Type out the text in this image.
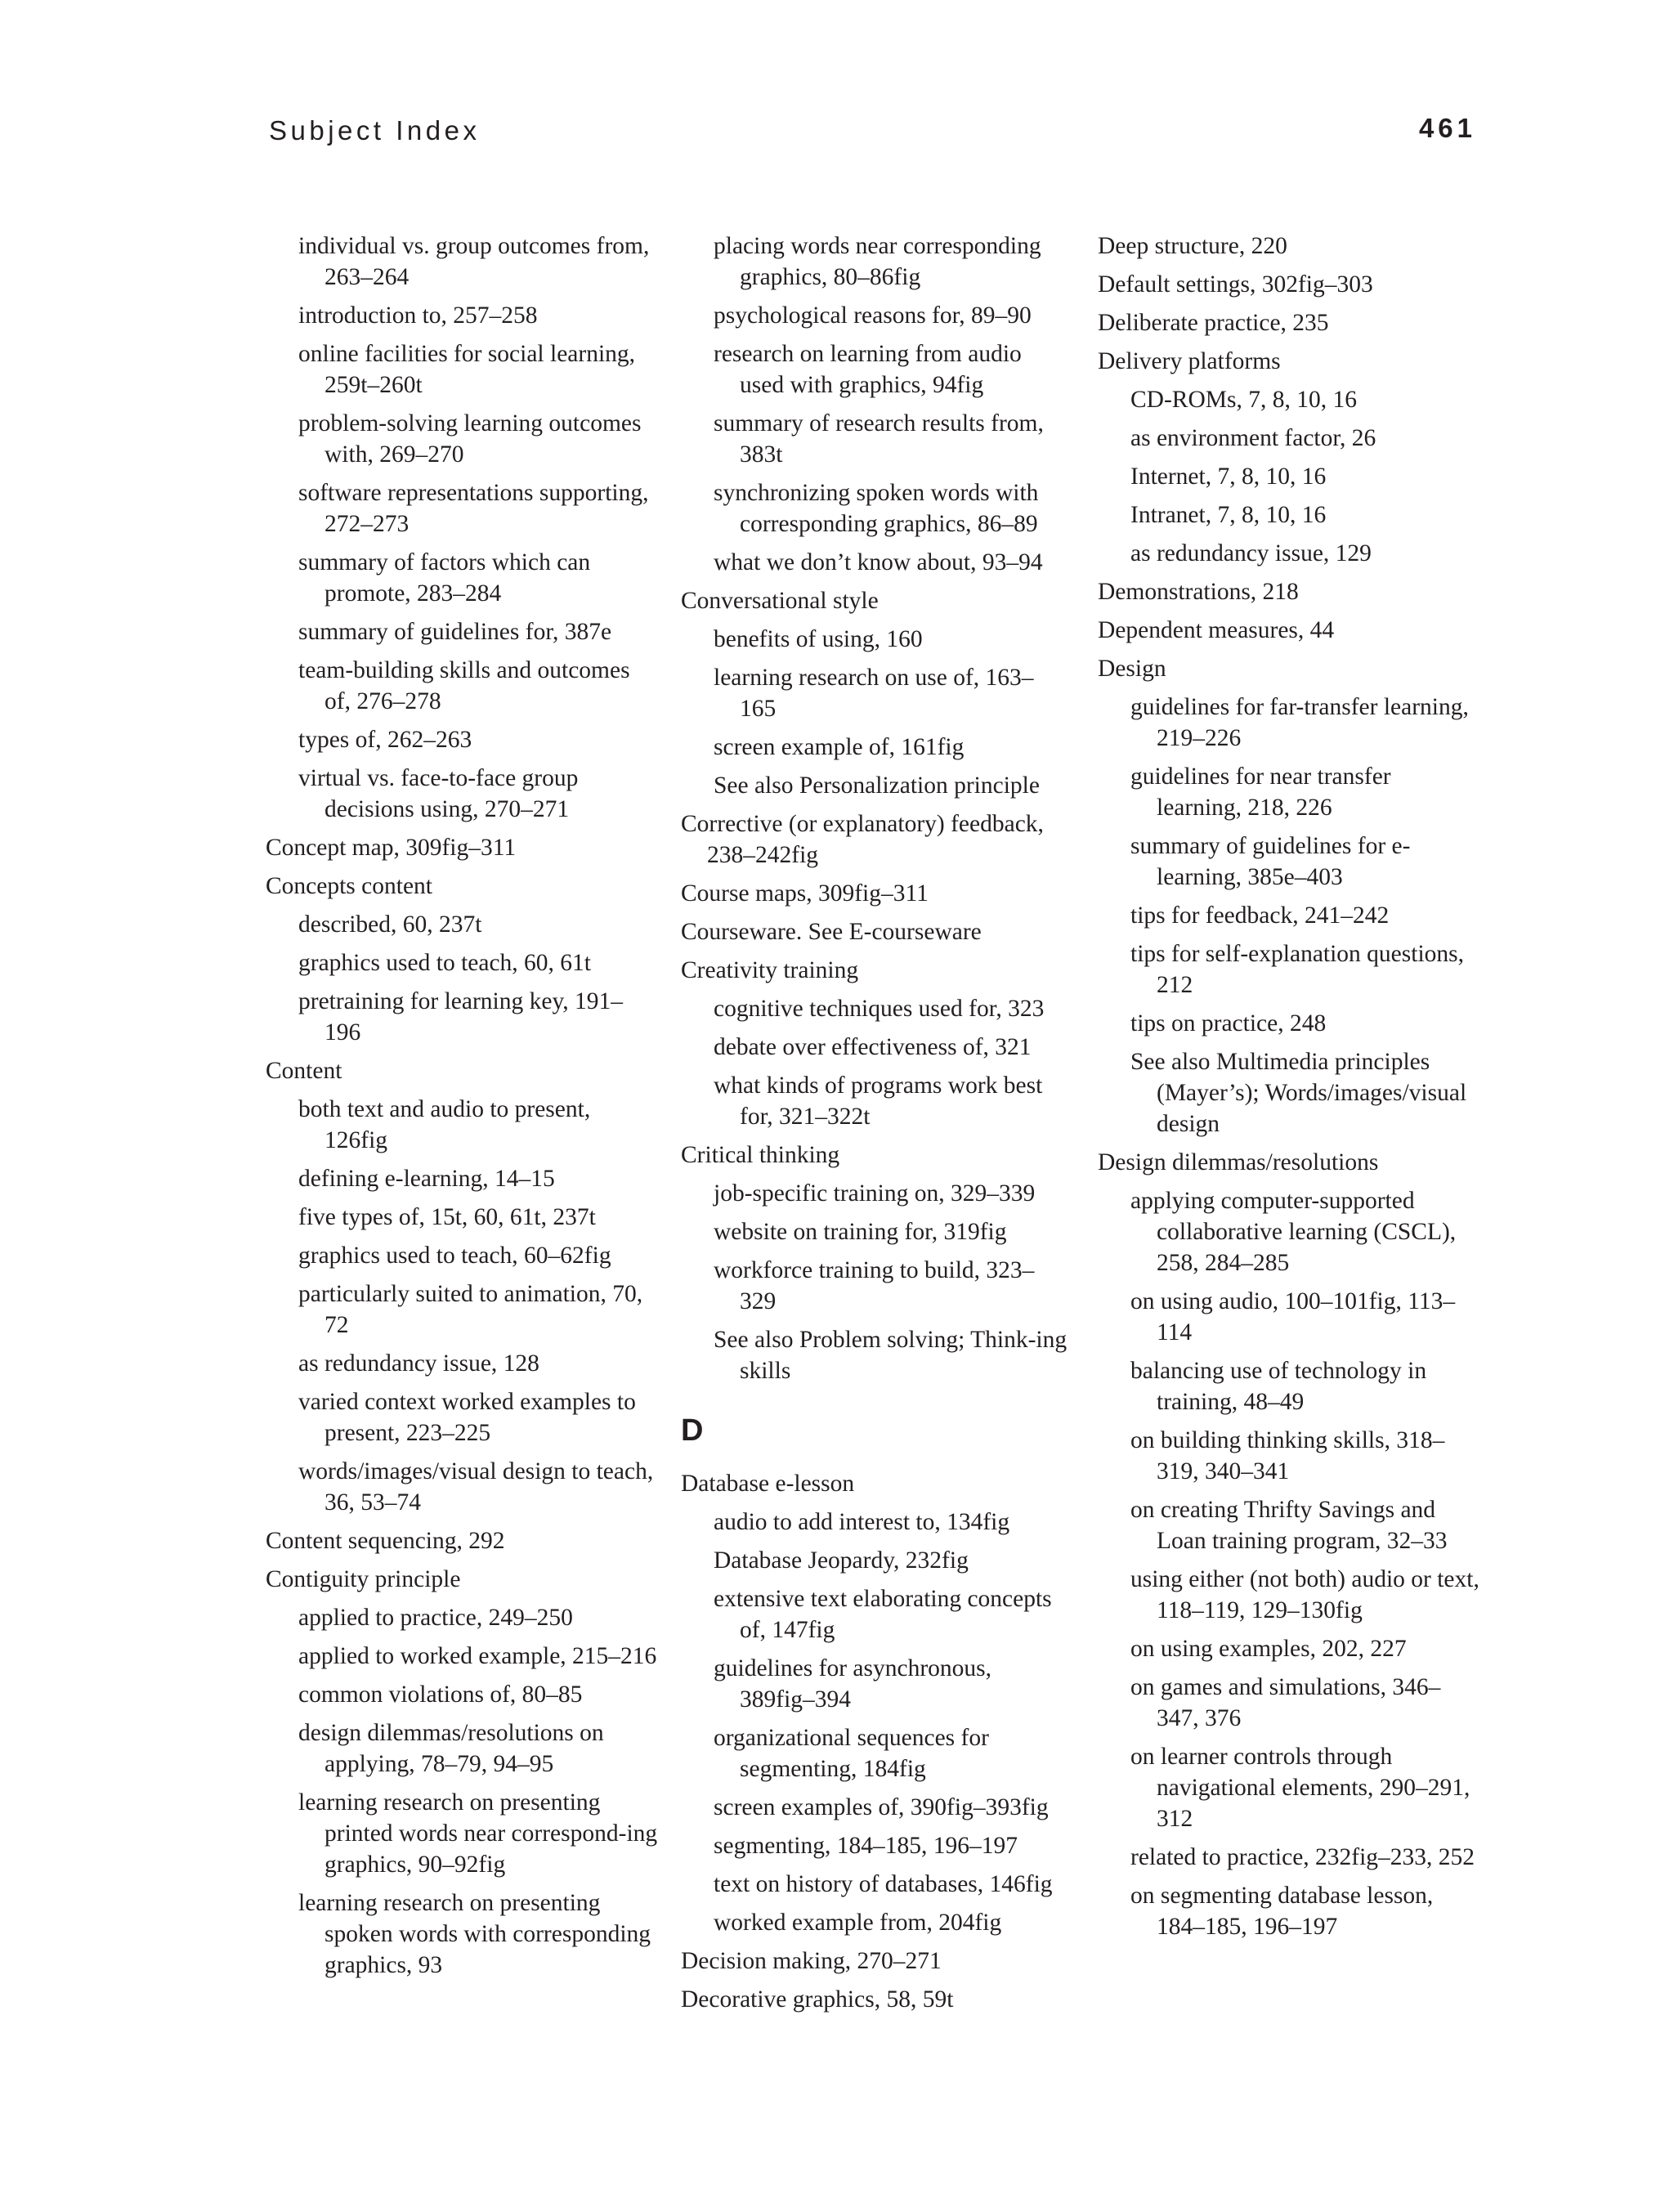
Subject Index	461
individual vs. group outcomes from, 263–264
introduction to, 257–258
online facilities for social learning, 259t–260t
problem-solving learning outcomes with, 269–270
software representations supporting, 272–273
summary of factors which can promote, 283–284
summary of guidelines for, 387e
team-building skills and outcomes of, 276–278
types of, 262–263
virtual vs. face-to-face group decisions using, 270–271
Concept map, 309fig–311
Concepts content
described, 60, 237t
graphics used to teach, 60, 61t
pretraining for learning key, 191–196
Content
both text and audio to present, 126fig
defining e-learning, 14–15
five types of, 15t, 60, 61t, 237t
graphics used to teach, 60–62fig
particularly suited to animation, 70, 72
as redundancy issue, 128
varied context worked examples to present, 223–225
words/images/visual design to teach, 36, 53–74
Content sequencing, 292
Contiguity principle
applied to practice, 249–250
applied to worked example, 215–216
common violations of, 80–85
design dilemmas/resolutions on applying, 78–79, 94–95
learning research on presenting printed words near correspond-ing graphics, 90–92fig
learning research on presenting spoken words with corresponding graphics, 93
placing words near corresponding graphics, 80–86fig
psychological reasons for, 89–90
research on learning from audio used with graphics, 94fig
summary of research results from, 383t
synchronizing spoken words with corresponding graphics, 86–89
what we don’t know about, 93–94
Conversational style
benefits of using, 160
learning research on use of, 163–165
screen example of, 161fig
See also Personalization principle
Corrective (or explanatory) feedback, 238–242fig
Course maps, 309fig–311
Courseware. See E-courseware
Creativity training
cognitive techniques used for, 323
debate over effectiveness of, 321
what kinds of programs work best for, 321–322t
Critical thinking
job-specific training on, 329–339
website on training for, 319fig
workforce training to build, 323–329
See also Problem solving; Think-ing skills
D
Database e-lesson
audio to add interest to, 134fig
Database Jeopardy, 232fig
extensive text elaborating concepts of, 147fig
guidelines for asynchronous, 389fig–394
organizational sequences for segmenting, 184fig
screen examples of, 390fig–393fig
segmenting, 184–185, 196–197
text on history of databases, 146fig
worked example from, 204fig
Decision making, 270–271
Decorative graphics, 58, 59t
Deep structure, 220
Default settings, 302fig–303
Deliberate practice, 235
Delivery platforms
CD-ROMs, 7, 8, 10, 16
as environment factor, 26
Internet, 7, 8, 10, 16
Intranet, 7, 8, 10, 16
as redundancy issue, 129
Demonstrations, 218
Dependent measures, 44
Design
guidelines for far-transfer learning, 219–226
guidelines for near transfer learning, 218, 226
summary of guidelines for e-learning, 385e–403
tips for feedback, 241–242
tips for self-explanation questions, 212
tips on practice, 248
See also Multimedia principles (Mayer’s); Words/images/visual design
Design dilemmas/resolutions
applying computer-supported collaborative learning (CSCL), 258, 284–285
on using audio, 100–101fig, 113–114
balancing use of technology in training, 48–49
on building thinking skills, 318–319, 340–341
on creating Thrifty Savings and Loan training program, 32–33
using either (not both) audio or text, 118–119, 129–130fig
on using examples, 202, 227
on games and simulations, 346–347, 376
on learner controls through navigational elements, 290–291, 312
related to practice, 232fig–233, 252
on segmenting database lesson, 184–185, 196–197
